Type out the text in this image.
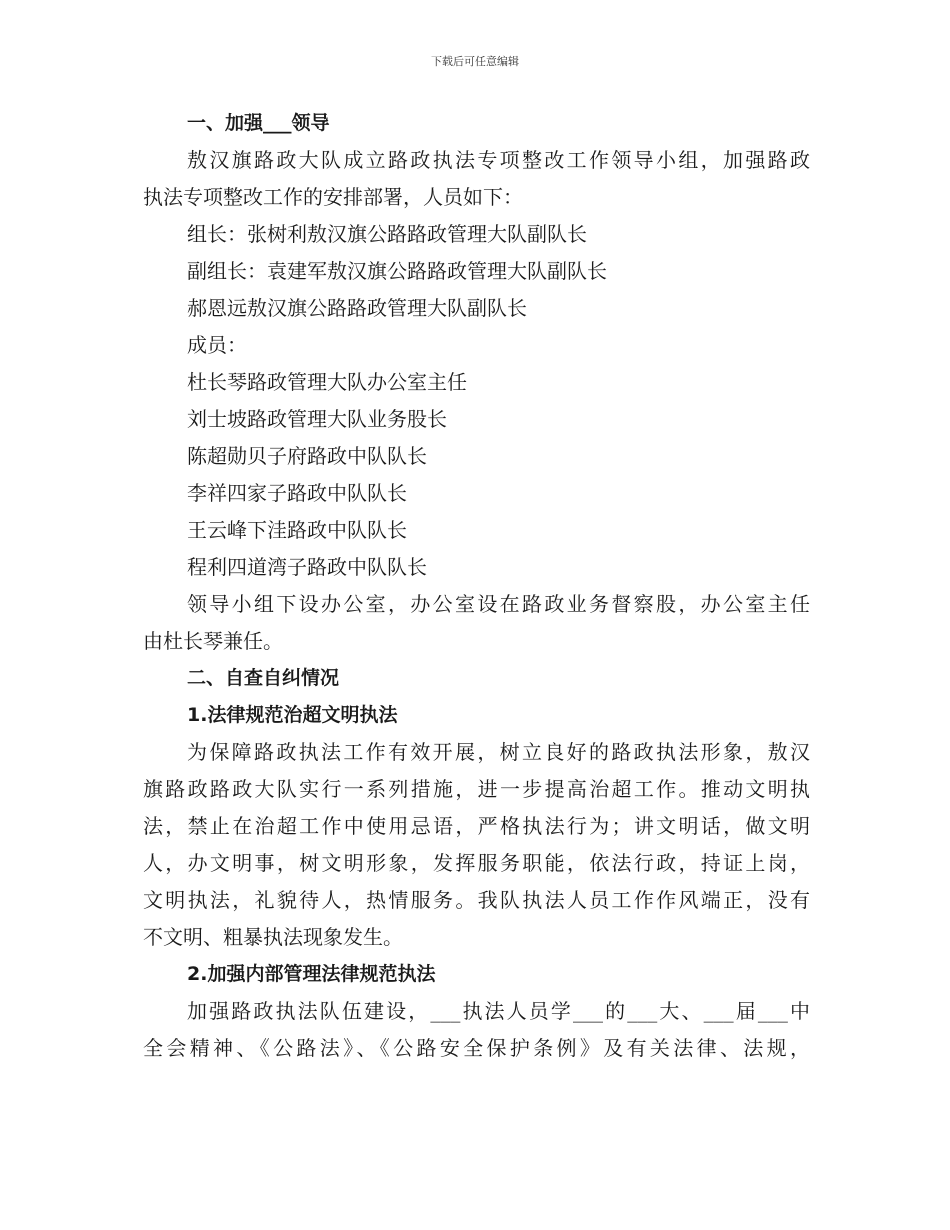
下载后可任意编辑
一、加强___领导
敖汉旗路政大队成立路政执法专项整改工作领导小组，加强路政
执法专项整改工作的安排部署，人员如下：
组长：张树利敖汉旗公路路政管理大队副队长
副组长：袁建军敖汉旗公路路政管理大队副队长
郝恩远敖汉旗公路路政管理大队副队长
成员：
杜长琴路政管理大队办公室主任
刘士坡路政管理大队业务股长
陈超勋贝子府路政中队队长
李祥四家子路政中队队长
王云峰下洼路政中队队长
程利四道湾子路政中队队长
领导小组下设办公室，办公室设在路政业务督察股，办公室主任
由杜长琴兼任。
二、自查自纠情况
1.法律规范治超文明执法
为保障路政执法工作有效开展，树立良好的路政执法形象，敖汉
旗路政路政大队实行一系列措施，进一步提高治超工作。推动文明执
法，禁止在治超工作中使用忌语，严格执法行为；讲文明话，做文明
人，办文明事，树文明形象，发挥服务职能，依法行政，持证上岗，
文明执法，礼貌待人，热情服务。我队执法人员工作作风端正，没有
不文明、粗暴执法现象发生。
2.加强内部管理法律规范执法
加强路政执法队伍建设，___执法人员学___的___大、___届___中
全会精神、《公路法》、《公路安全保护条例》及有关法律、法规，
